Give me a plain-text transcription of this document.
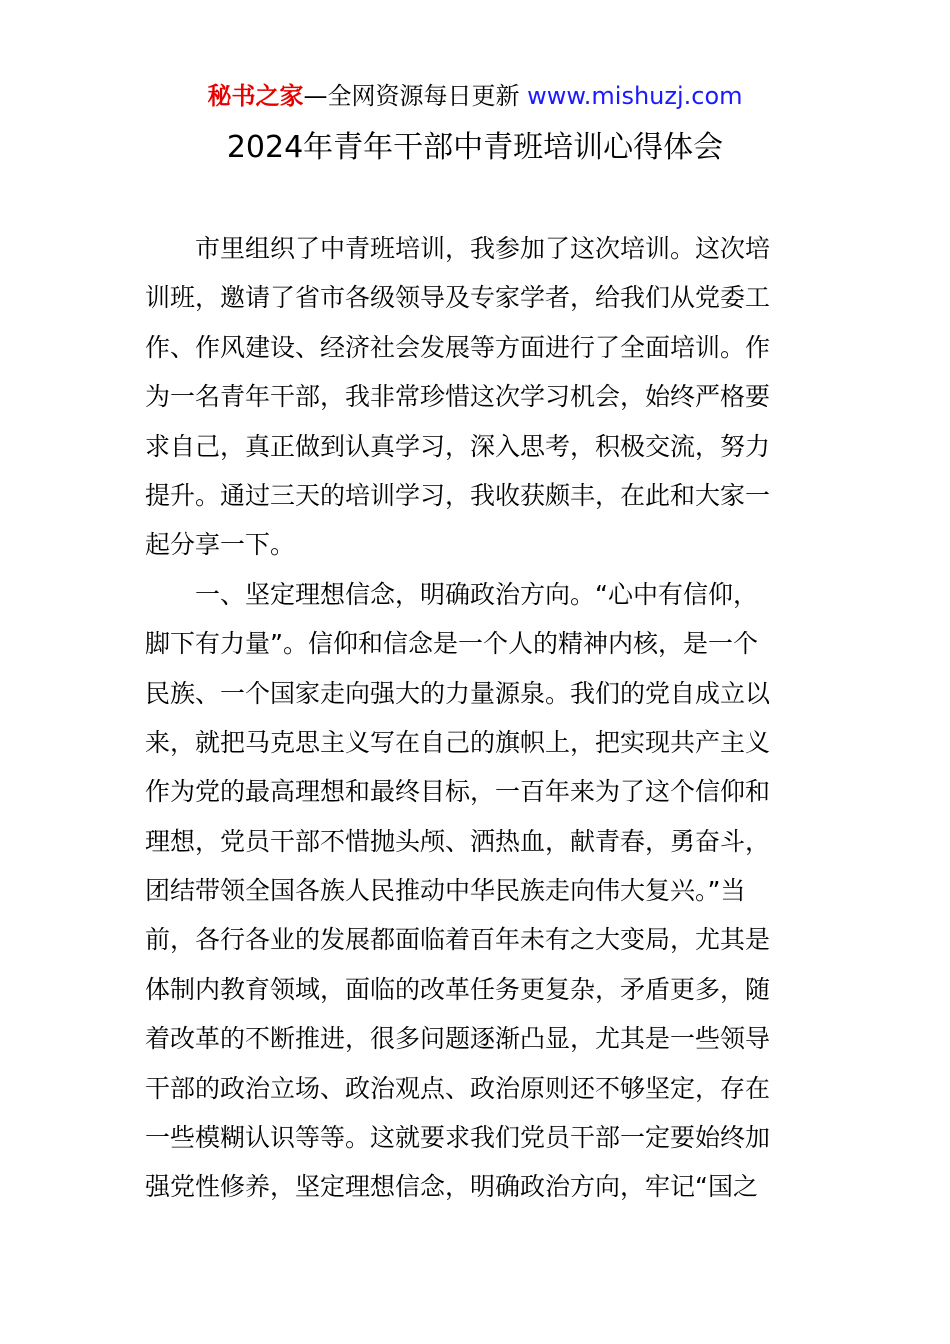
秘书之家—全网资源每日更新 www.mishuzj.com
2024年青年干部中青班培训心得体会
市里组织了中青班培训，我参加了这次培训。这次培
训班，邀请了省市各级领导及专家学者，给我们从党委工
作、作风建设、经济社会发展等方面进行了全面培训。作
为一名青年干部，我非常珍惜这次学习机会，始终严格要
求自己，真正做到认真学习，深入思考，积极交流，努力
提升。通过三天的培训学习，我收获颇丰，在此和大家一
起分享一下。
一、坚定理想信念，明确政治方向。“心中有信仰，
脚下有力量”。信仰和信念是一个人的精神内核，是一个
民族、一个国家走向强大的力量源泉。我们的党自成立以
来，就把马克思主义写在自己的旗帜上，把实现共产主义
作为党的最高理想和最终目标，一百年来为了这个信仰和
理想，党员干部不惜抛头颅、洒热血，献青春，勇奋斗，
团结带领全国各族人民推动中华民族走向伟大复兴。”当
前，各行各业的发展都面临着百年未有之大变局，尤其是
体制内教育领域，面临的改革任务更复杂，矛盾更多，随
着改革的不断推进，很多问题逐渐凸显，尤其是一些领导
干部的政治立场、政治观点、政治原则还不够坚定，存在
一些模糊认识等等。这就要求我们党员干部一定要始终加
强党性修养，坚定理想信念，明确政治方向，牢记“国之
